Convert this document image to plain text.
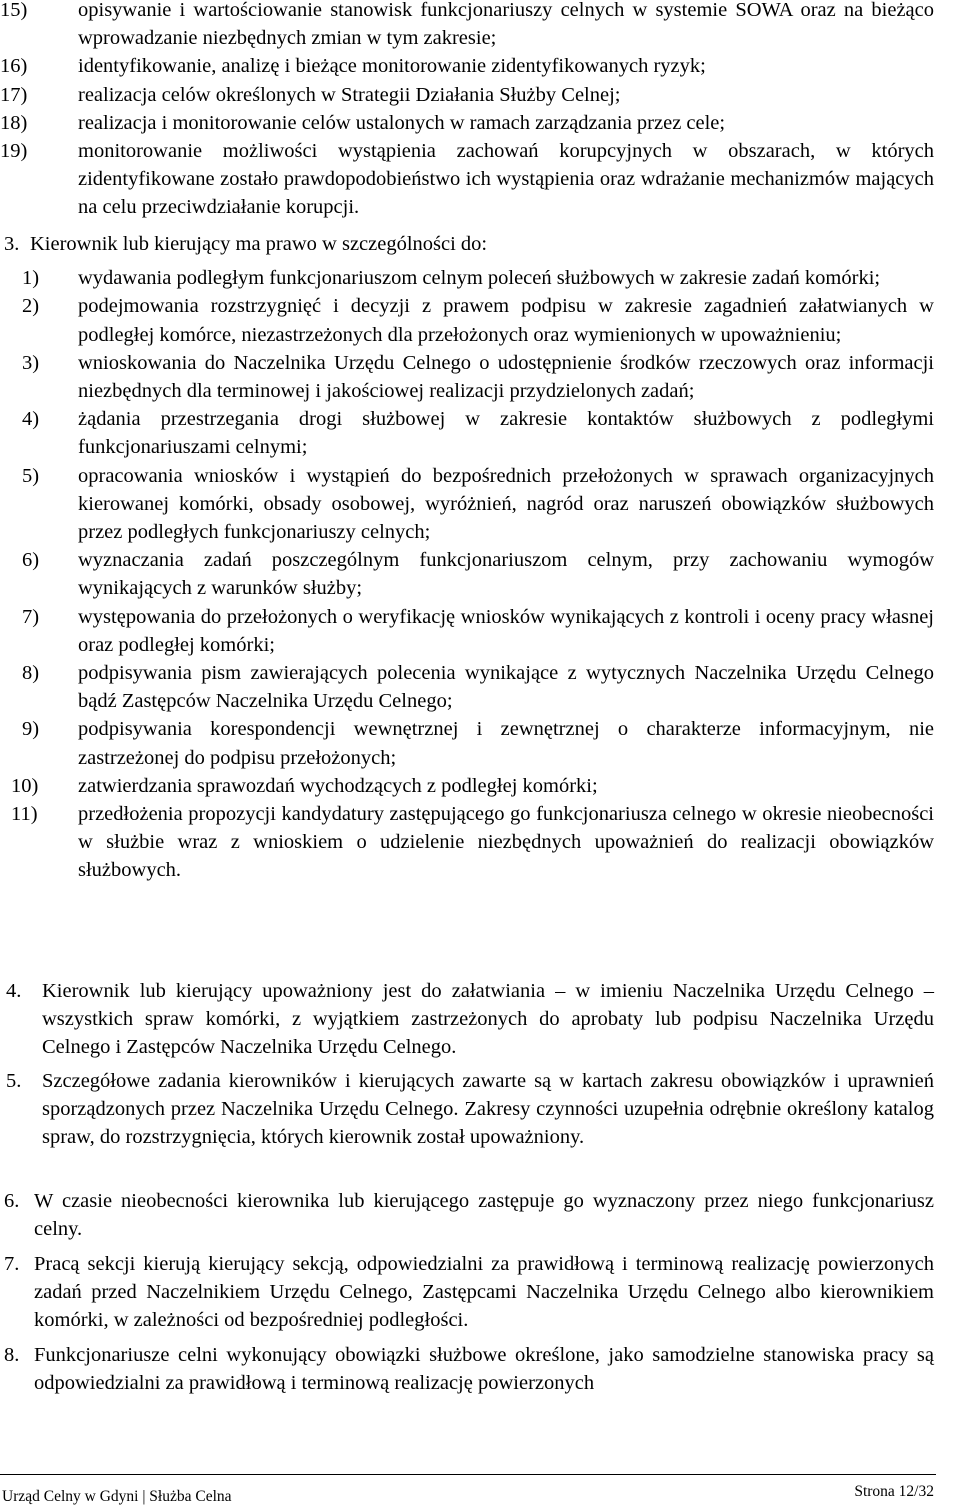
15) opisywanie i wartościowanie stanowisk funkcjonariuszy celnych w systemie SOWA oraz na bieżąco wprowadzanie niezbędnych zmian w tym zakresie;
16) identyfikowanie, analizę i bieżące monitorowanie zidentyfikowanych ryzyk;
17) realizacja celów określonych w Strategii Działania Służby Celnej;
18) realizacja i monitorowanie celów ustalonych w ramach zarządzania przez cele;
19) monitorowanie możliwości wystąpienia zachowań korupcyjnych w obszarach, w których zidentyfikowane zostało prawdopodobieństwo ich wystąpienia oraz wdrażanie mechanizmów mających na celu przeciwdziałanie korupcji.
3. Kierownik lub kierujący ma prawo w szczególności do:
1) wydawania podległym funkcjonariuszom celnym poleceń służbowych w zakresie zadań komórki;
2) podejmowania rozstrzygnięć i decyzji z prawem podpisu w zakresie zagadnień załatwianych w podległej komórce, niezastrzeżonych dla przełożonych oraz wymienionych w upoważnieniu;
3) wnioskowania do Naczelnika Urzędu Celnego o udostępnienie środków rzeczowych oraz informacji niezbędnych dla terminowej i jakościowej realizacji przydzielonych zadań;
4) żądania przestrzegania drogi służbowej w zakresie kontaktów służbowych z podległymi funkcjonariuszami celnymi;
5) opracowania wniosków i wystąpień do bezpośrednich przełożonych w sprawach organizacyjnych kierowanej komórki, obsady osobowej, wyróżnień, nagród oraz naruszeń obowiązków służbowych przez podległych funkcjonariuszy celnych;
6) wyznaczania zadań poszczególnym funkcjonariuszom celnym, przy zachowaniu wymogów wynikających z warunków służby;
7) występowania do przełożonych o weryfikację wniosków wynikających z kontroli i oceny pracy własnej oraz podległej komórki;
8) podpisywania pism zawierających polecenia wynikające z wytycznych Naczelnika Urzędu Celnego bądź Zastępców Naczelnika Urzędu Celnego;
9) podpisywania korespondencji wewnętrznej i zewnętrznej o charakterze informacyjnym, nie zastrzeżonej do podpisu przełożonych;
10) zatwierdzania sprawozdań wychodzących z podległej komórki;
11) przedłożenia propozycji kandydatury zastępującego go funkcjonariusza celnego w okresie nieobecności w służbie wraz z wnioskiem o udzielenie niezbędnych upoważnień do realizacji obowiązków służbowych.
4. Kierownik lub kierujący upoważniony jest do załatwiania – w imieniu Naczelnika Urzędu Celnego – wszystkich spraw komórki, z wyjątkiem zastrzeżonych do aprobaty lub podpisu Naczelnika Urzędu Celnego i Zastępców Naczelnika Urzędu Celnego.
5. Szczegółowe zadania kierowników i kierujących zawarte są w kartach zakresu obowiązków i uprawnień sporządzonych przez Naczelnika Urzędu Celnego. Zakresy czynności uzupełnia odrębnie określony katalog spraw, do rozstrzygnięcia, których kierownik został upoważniony.
6. W czasie nieobecności kierownika lub kierującego zastępuje go wyznaczony przez niego funkcjonariusz celny.
7. Pracą sekcji kierują kierujący sekcją, odpowiedzialni za prawidłową i terminową realizację powierzonych zadań przed Naczelnikiem Urzędu Celnego, Zastępcami Naczelnika Urzędu Celnego albo kierownikiem komórki, w zależności od bezpośredniej podległości.
8. Funkcjonariusze celni wykonujący obowiązki służbowe określone, jako samodzielne stanowiska pracy są odpowiedzialni za prawidłową i terminową realizację powierzonych
Urząd Celny w Gdyni | Służba Celna	Strona 12/32
